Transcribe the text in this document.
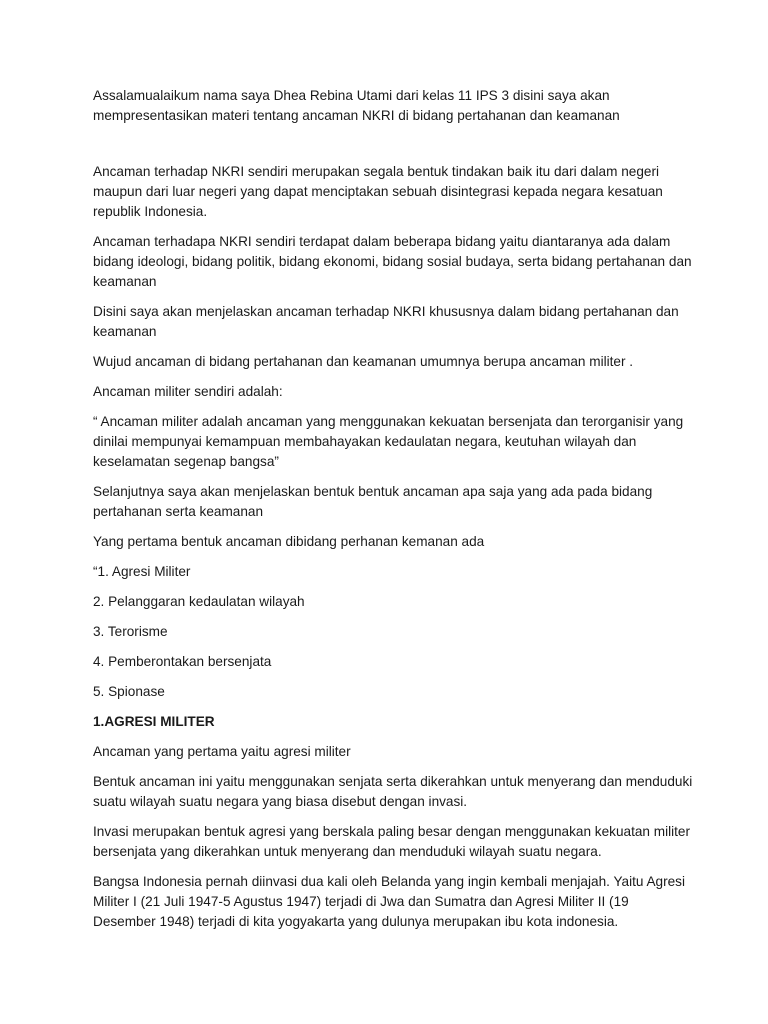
Assalamualaikum nama saya Dhea Rebina Utami dari kelas 11 IPS 3 disini saya akan mempresentasikan materi tentang ancaman NKRI di bidang pertahanan dan keamanan

Ancaman terhadap NKRI sendiri merupakan segala bentuk tindakan baik itu dari dalam negeri maupun dari luar negeri yang dapat menciptakan sebuah disintegrasi kepada negara kesatuan republik Indonesia.

Ancaman terhadapa NKRI sendiri terdapat dalam beberapa bidang yaitu diantaranya ada dalam bidang ideologi, bidang politik, bidang ekonomi, bidang sosial budaya, serta bidang pertahanan dan keamanan

Disini saya akan menjelaskan ancaman terhadap NKRI khususnya dalam bidang pertahanan dan keamanan

Wujud ancaman di bidang pertahanan dan keamanan umumnya berupa ancaman militer .

Ancaman militer sendiri adalah:

“ Ancaman militer adalah ancaman yang menggunakan kekuatan bersenjata dan terorganisir yang dinilai mempunyai kemampuan membahayakan kedaulatan negara, keutuhan wilayah dan keselamatan segenap bangsa”

Selanjutnya saya akan menjelaskan bentuk bentuk ancaman apa saja yang ada pada bidang pertahanan serta keamanan

Yang pertama bentuk ancaman dibidang perhanan kemanan ada

“1. Agresi Militer

2. Pelanggaran kedaulatan wilayah

3. Terorisme

4. Pemberontakan bersenjata

5. Spionase

1.AGRESI MILITER

Ancaman yang pertama yaitu agresi militer

Bentuk ancaman ini yaitu menggunakan senjata serta dikerahkan untuk menyerang dan menduduki suatu wilayah suatu negara yang biasa disebut dengan invasi.

Invasi merupakan bentuk agresi yang berskala paling besar dengan menggunakan kekuatan militer bersenjata yang dikerahkan untuk menyerang dan menduduki wilayah suatu negara.

Bangsa Indonesia pernah diinvasi dua kali oleh Belanda yang ingin kembali menjajah. Yaitu Agresi Militer I (21 Juli 1947-5 Agustus 1947) terjadi di Jwa dan Sumatra dan Agresi Militer II (19 Desember 1948) terjadi di kita yogyakarta yang dulunya merupakan ibu kota indonesia.
